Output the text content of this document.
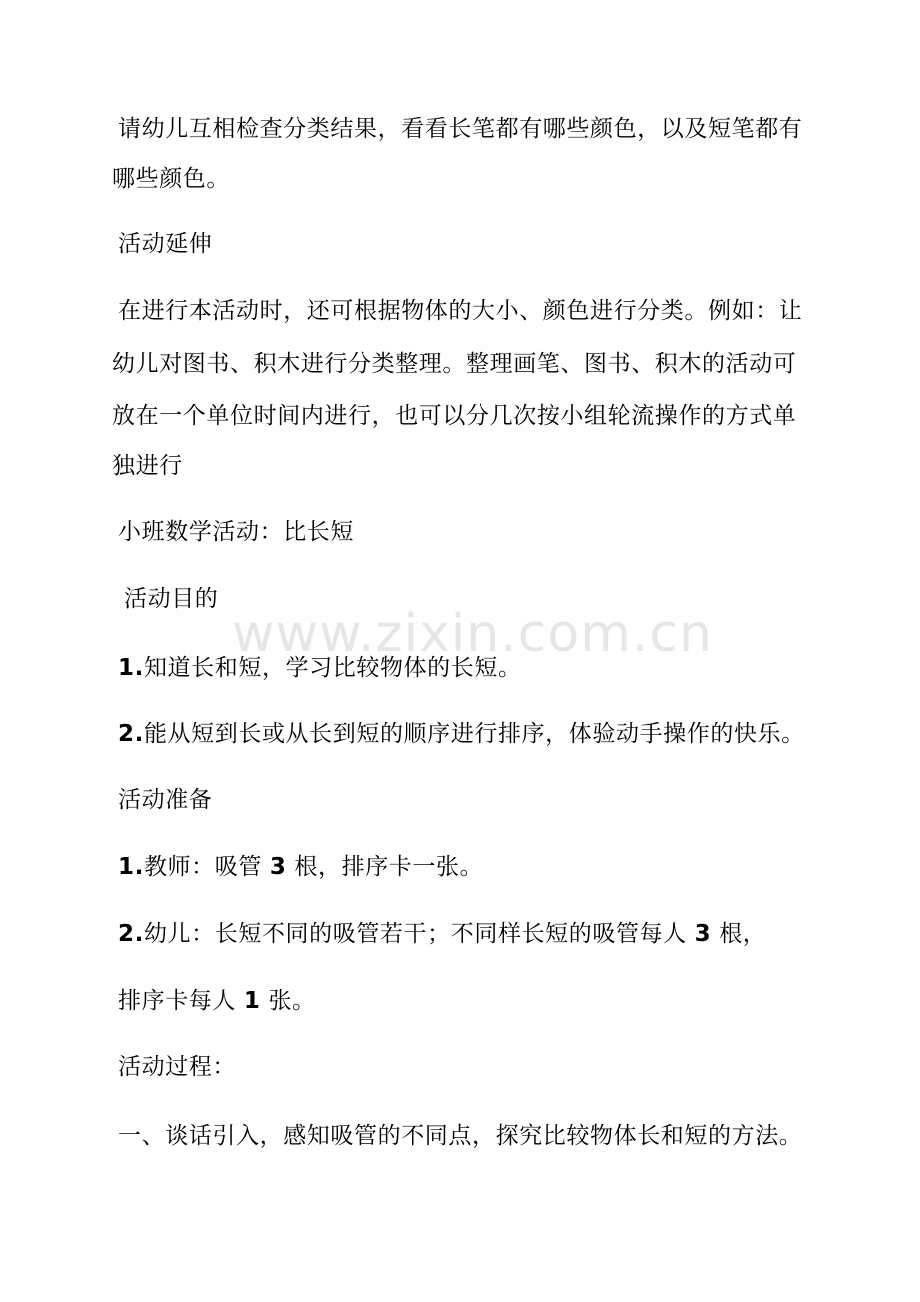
www.zixin.com.cn
请幼儿互相检查分类结果，看看长笔都有哪些颜色，以及短笔都有
哪些颜色。
活动延伸
在进行本活动时，还可根据物体的大小、颜色进行分类。例如：让
幼儿对图书、积木进行分类整理。整理画笔、图书、积木的活动可
放在一个单位时间内进行，也可以分几次按小组轮流操作的方式单
独进行
小班数学活动：比长短
活动目的
1.知道长和短，学习比较物体的长短。
2.能从短到长或从长到短的顺序进行排序，体验动手操作的快乐。
活动准备
1.教师：吸管 3 根，排序卡一张。
2.幼儿：长短不同的吸管若干；不同样长短的吸管每人 3 根，
排序卡每人 1 张。
活动过程：
一、谈话引入，感知吸管的不同点，探究比较物体长和短的方法。
